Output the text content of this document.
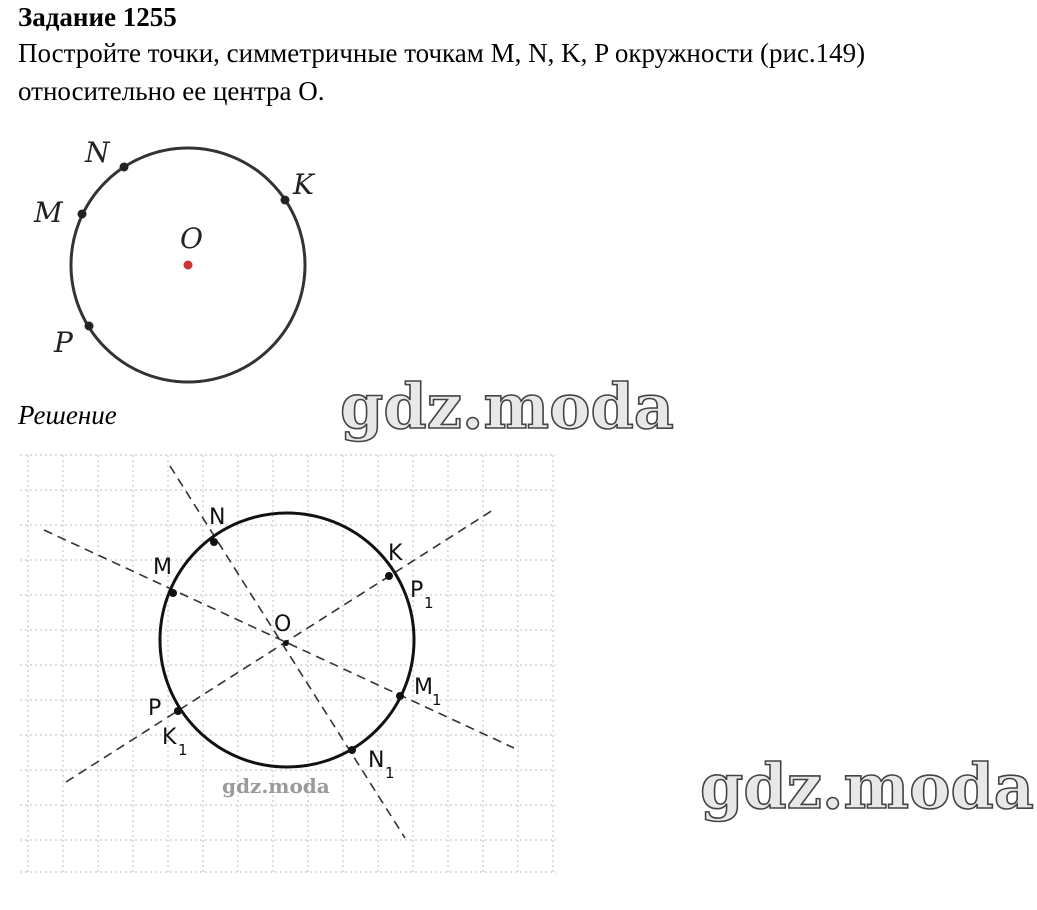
Задание 1255
Постройте точки, симметричные точкам M, N, K, P окружности (рис.149)
относительно ее центра O.
Решение
N
K
M
O
P
gdz.moda
N
K
M
O
P
P 1
M 1
N 1
K 1
gdz.moda	gdz.moda
